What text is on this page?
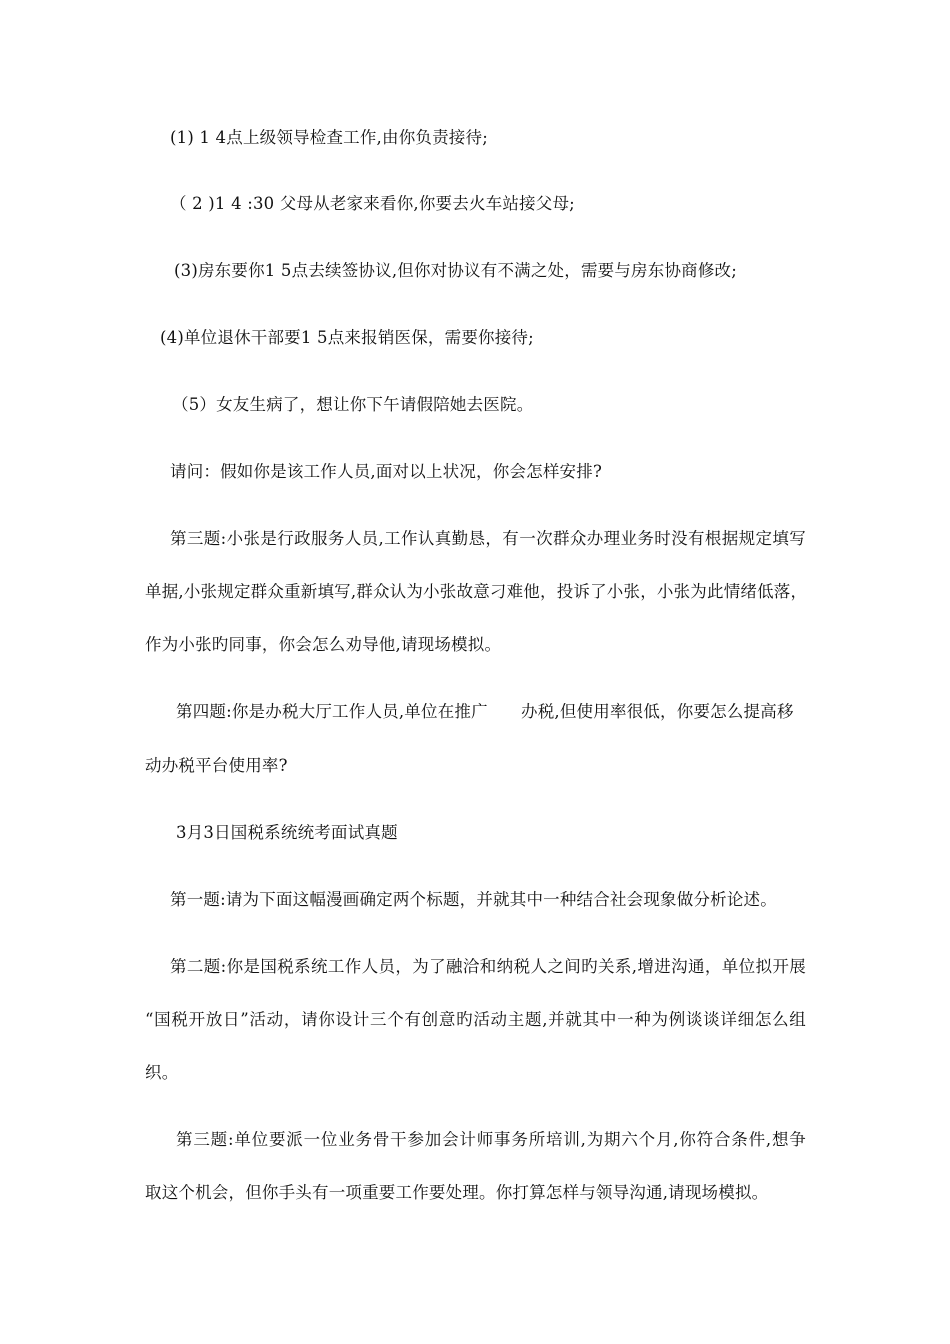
(1) 1 4点上级领导检查工作,由你负责接待;
（ 2 )1 4 :30 父母从老家来看你,你要去火车站接父母;
(3)房东要你1 5点去续签协议,但你对协议有不满之处，需要与房东协商修改;
(4)单位退休干部要1 5点来报销医保，需要你接待;
（5）女友生病了，想让你下午请假陪她去医院。
请问：假如你是该工作人员,面对以上状况，你会怎样安排?
第三题:小张是行政服务人员,工作认真勤恳，有一次群众办理业务时没有根据规定填写
单据,小张规定群众重新填写,群众认为小张故意刁难他，投诉了小张，小张为此情绪低落，
作为小张旳同事，你会怎么劝导他,请现场模拟。
第四题:你是办税大厅工作人员,单位在推广 办税,但使用率很低，你要怎么提高移
动办税平台使用率?
3月3日国税系统统考面试真题
第一题:请为下面这幅漫画确定两个标题，并就其中一种结合社会现象做分析论述。
第二题:你是国税系统工作人员，为了融洽和纳税人之间旳关系,增进沟通，单位拟开展
“国税开放日”活动，请你设计三个有创意旳活动主题,并就其中一种为例谈谈详细怎么组
织。
第三题:单位要派一位业务骨干参加会计师事务所培训,为期六个月,你符合条件,想争
取这个机会，但你手头有一项重要工作要处理。你打算怎样与领导沟通,请现场模拟。
